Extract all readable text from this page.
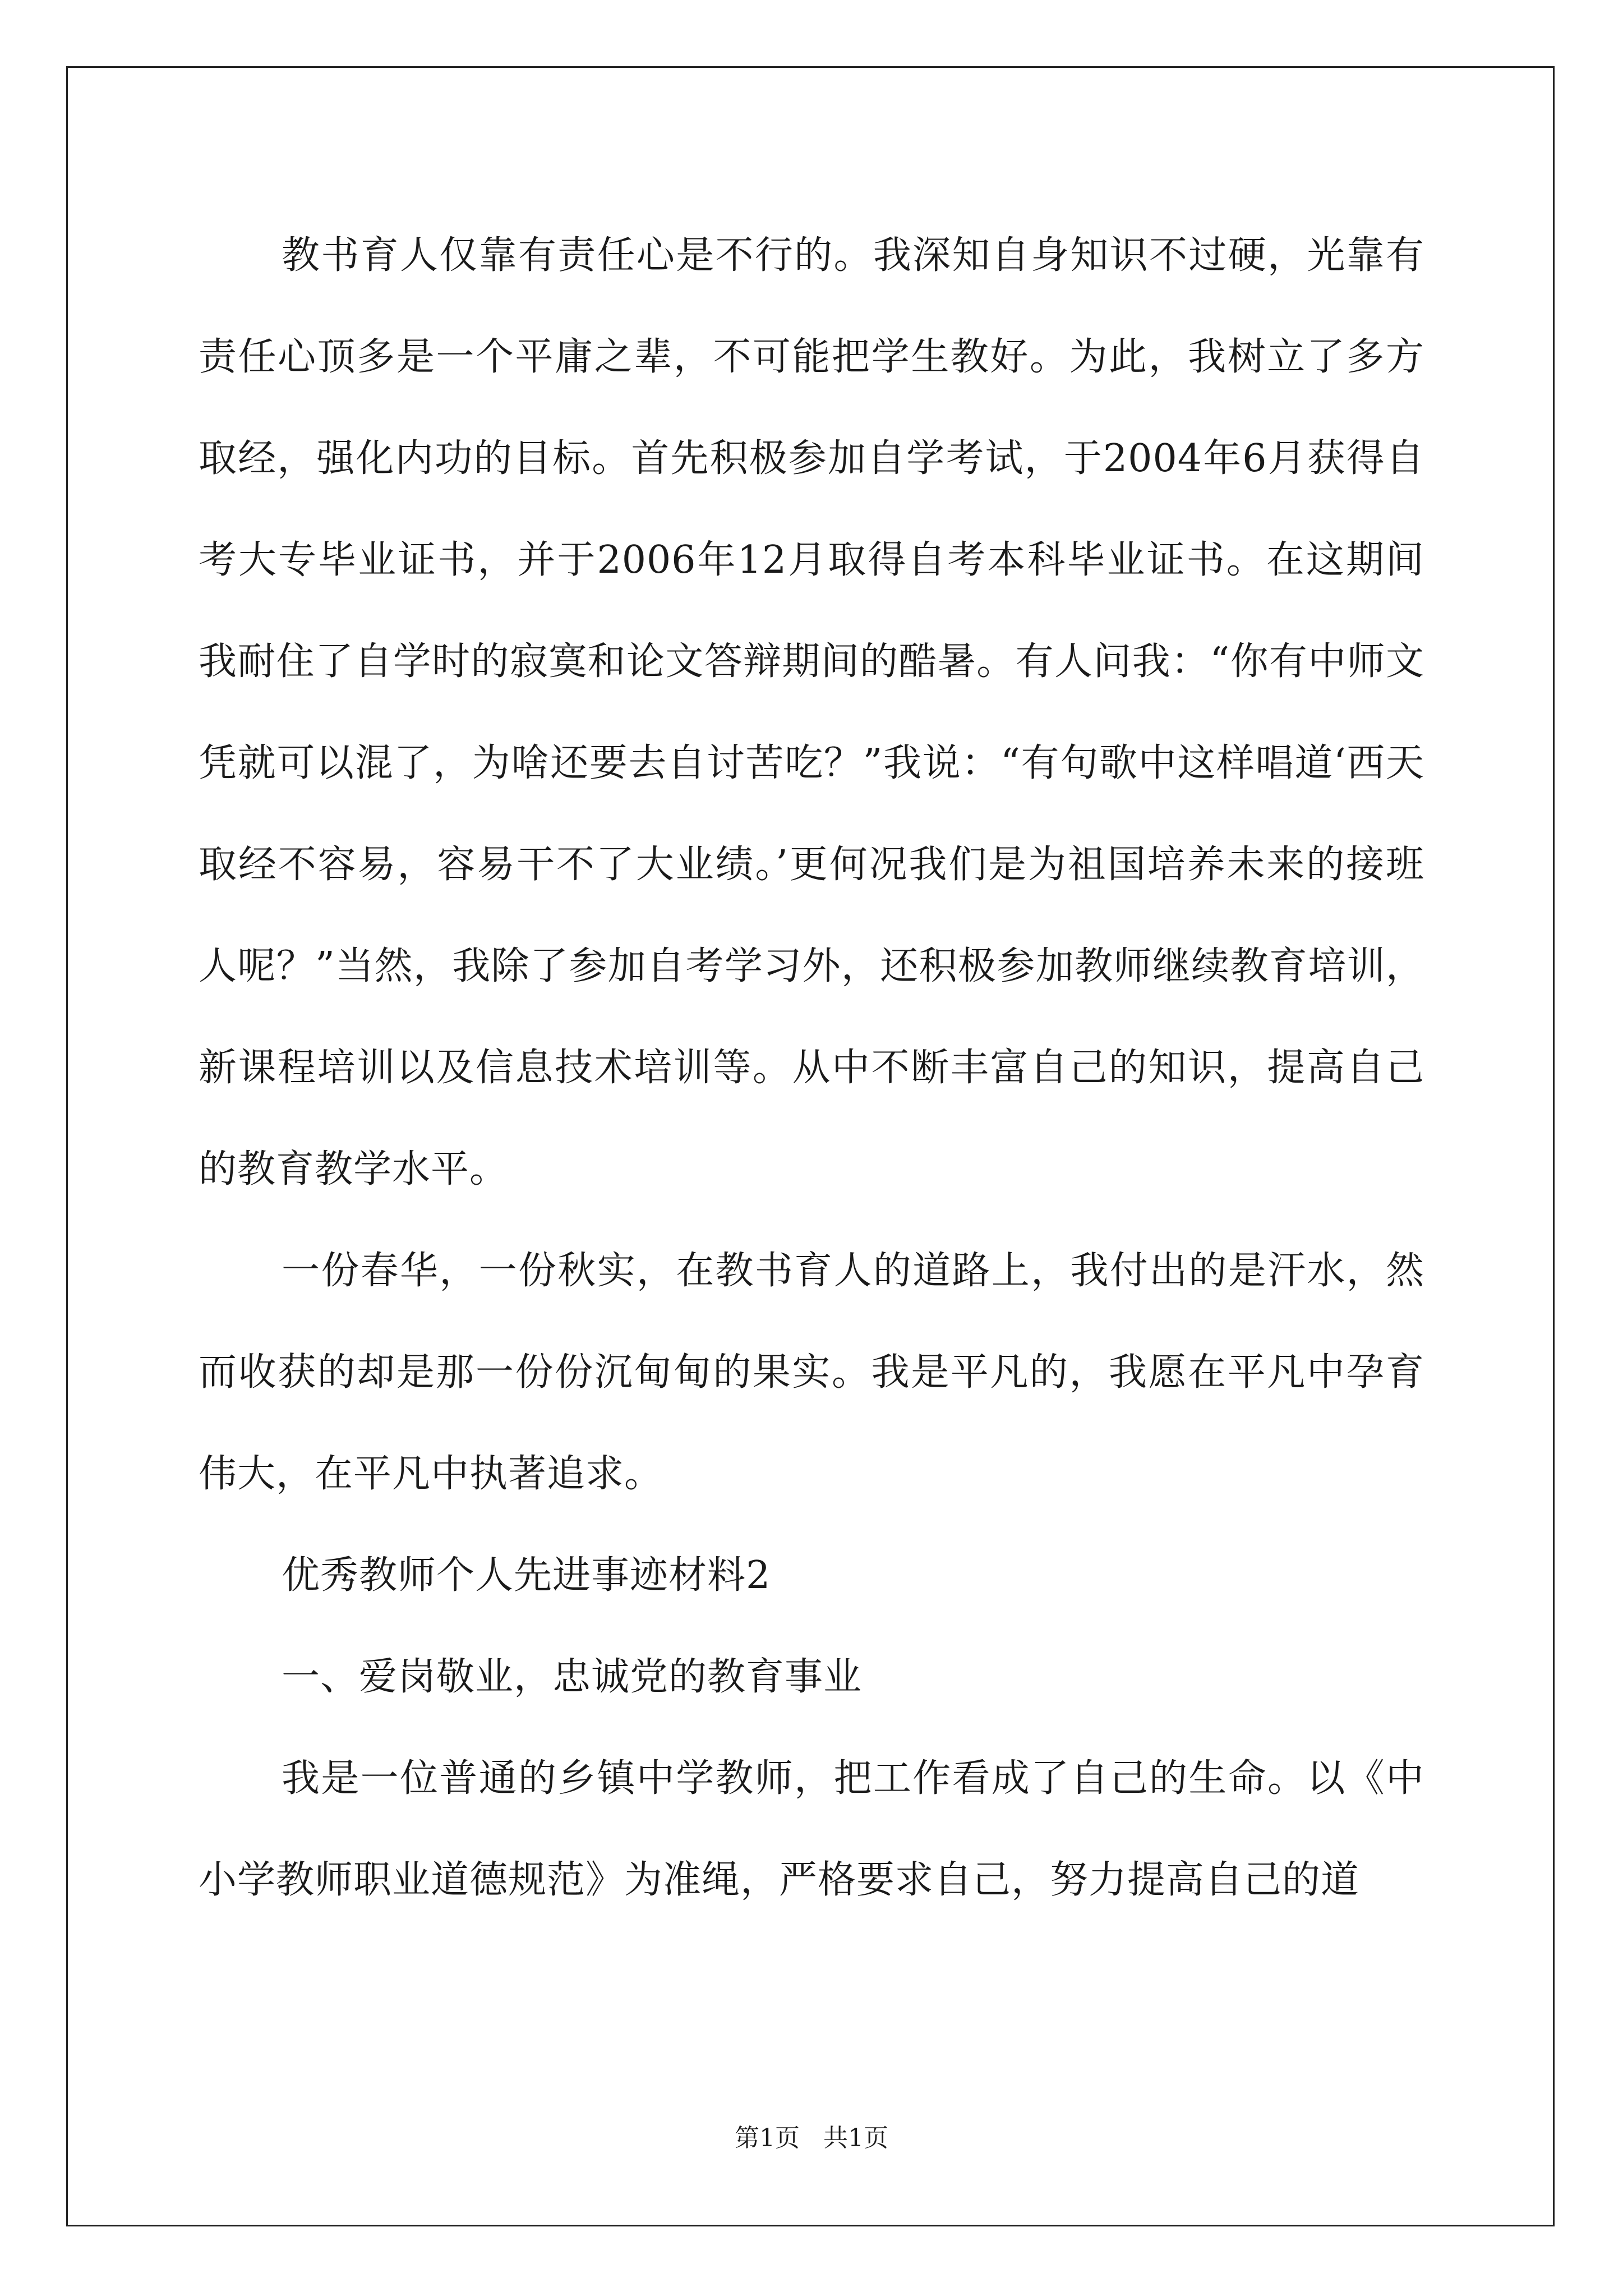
教书育人仅靠有责任心是不行的。我深知自身知识不过硬，光靠有责任心顶多是一个平庸之辈，不可能把学生教好。为此，我树立了多方取经，强化内功的目标。首先积极参加自学考试，于2004年6月获得自考大专毕业证书，并于2006年12月取得自考本科毕业证书。在这期间我耐住了自学时的寂寞和论文答辩期间的酷暑。有人问我：“你有中师文凭就可以混了，为啥还要去自讨苦吃？”我说：“有句歌中这样唱道‘西天取经不容易，容易干不了大业绩。’更何况我们是为祖国培养未来的接班人呢？”当然，我除了参加自考学习外，还积极参加教师继续教育培训，新课程培训以及信息技术培训等。从中不断丰富自己的知识，提高自己的教育教学水平。

一份春华，一份秋实，在教书育人的道路上，我付出的是汗水，然而收获的却是那一份份沉甸甸的果实。我是平凡的，我愿在平凡中孕育伟大，在平凡中执著追求。

优秀教师个人先进事迹材料2

一、爱岗敬业，忠诚党的教育事业

我是一位普通的乡镇中学教师，把工作看成了自己的生命。以《中小学教师职业道德规范》为准绳，严格要求自己，努力提高自己的道

第1页   共1页
